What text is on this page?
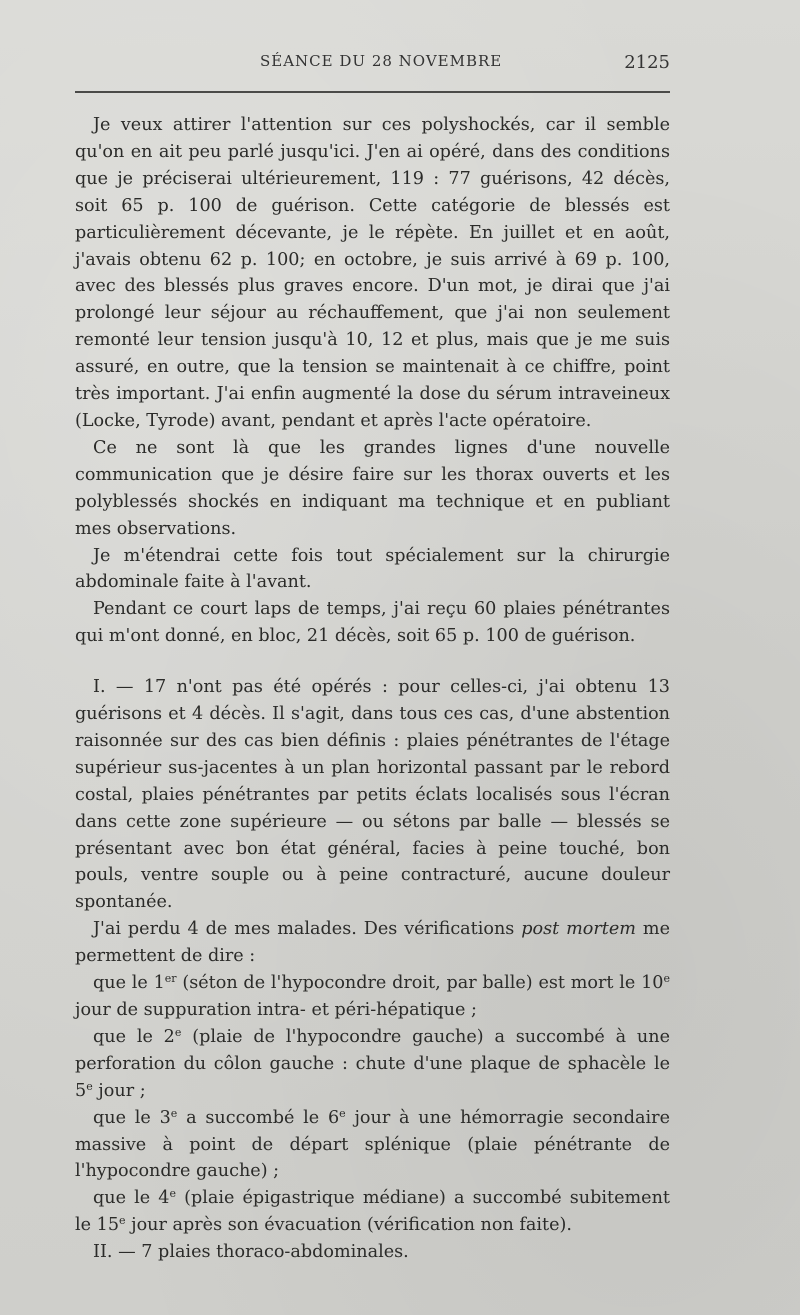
SÉANCE DU 28 NOVEMBRE	2125

Je veux attirer l'attention sur ces polyshockés, car il semble qu'on en ait peu parlé jusqu'ici. J'en ai opéré, dans des conditions que je préciserai ultérieurement, 119 : 77 guérisons, 42 décès, soit 65 p. 100 de guérison. Cette catégorie de blessés est particulièrement décevante, je le répète. En juillet et en août, j'avais obtenu 62 p. 100; en octobre, je suis arrivé à 69 p. 100, avec des blessés plus graves encore. D'un mot, je dirai que j'ai prolongé leur séjour au réchauffement, que j'ai non seulement remonté leur tension jusqu'à 10, 12 et plus, mais que je me suis assuré, en outre, que la tension se maintenait à ce chiffre, point très important. J'ai enfin augmenté la dose du sérum intraveineux (Locke, Tyrode) avant, pendant et après l'acte opératoire.

Ce ne sont là que les grandes lignes d'une nouvelle communication que je désire faire sur les thorax ouverts et les polyblessés shockés en indiquant ma technique et en publiant mes observations.

Je m'étendrai cette fois tout spécialement sur la chirurgie abdominale faite à l'avant.

Pendant ce court laps de temps, j'ai reçu 60 plaies pénétrantes qui m'ont donné, en bloc, 21 décès, soit 65 p. 100 de guérison.

I. — 17 n'ont pas été opérés : pour celles-ci, j'ai obtenu 13 guérisons et 4 décès. Il s'agit, dans tous ces cas, d'une abstention raisonnée sur des cas bien définis : plaies pénétrantes de l'étage supérieur sus-jacentes à un plan horizontal passant par le rebord costal, plaies pénétrantes par petits éclats localisés sous l'écran dans cette zone supérieure — ou sétons par balle — blessés se présentant avec bon état général, facies à peine touché, bon pouls, ventre souple ou à peine contracturé, aucune douleur spontanée.

J'ai perdu 4 de mes malades. Des vérifications post mortem me permettent de dire :

que le 1er (séton de l'hypocondre droit, par balle) est mort le 10e jour de suppuration intra- et péri-hépatique ;

que le 2e (plaie de l'hypocondre gauche) a succombé à une perforation du côlon gauche : chute d'une plaque de sphacèle le 5e jour ;

que le 3e a succombé le 6e jour à une hémorragie secondaire massive à point de départ splénique (plaie pénétrante de l'hypocondre gauche) ;

que le 4e (plaie épigastrique médiane) a succombé subitement le 15e jour après son évacuation (vérification non faite).

II. — 7 plaies thoraco-abdominales.
